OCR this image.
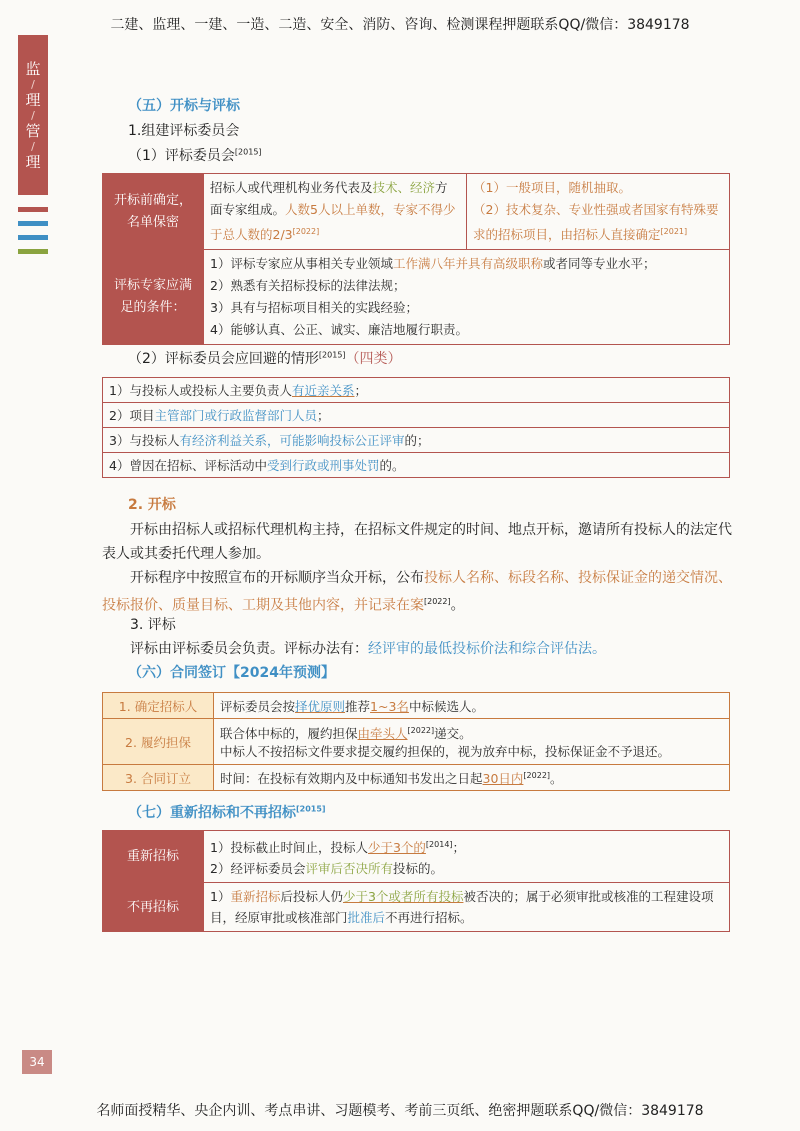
二建、监理、一建、一造、二造、安全、消防、咨询、检测课程押题联系QQ/微信：3849178
监
/
理
/
管
/
理
（五）开标与评标
1.组建评标委员会
（1）评标委员会[2015]
开标前确定，名单保密	招标人或代理机构业务代表及技术、经济方面专家组成。人数5人以上单数，专家不得少于总人数的2/3[2022]	（1）一般项目，随机抽取。
（2）技术复杂、专业性强或者国家有特殊要求的招标项目，由招标人直接确定[2021]

评标专家应满足的条件：	1）评标专家应从事相关专业领域工作满八年并具有高级职称或者同等专业水平；
2）熟悉有关招标投标的法律法规；
3）具有与招标项目相关的实践经验；
4）能够认真、公正、诚实、廉洁地履行职责。	
（2）评标委员会应回避的情形[2015]（四类）
1）与投标人或投标人主要负责人有近亲关系；
2）项目主管部门或行政监督部门人员；
3）与投标人有经济利益关系，可能影响投标公正评审的；
4）曾因在招标、评标活动中受到行政或刑事处罚的。
2. 开标
开标由招标人或招标代理机构主持，在招标文件规定的时间、地点开标，邀请所有投标人的法定代表人或其委托代理人参加。
开标程序中按照宣布的开标顺序当众开标，公布投标人名称、标段名称、投标保证金的递交情况、投标报价、质量目标、工期及其他内容，并记录在案[2022]。
3. 评标
评标由评标委员会负责。评标办法有：经评审的最低投标价法和综合评估法。
（六）合同签订【2024年预测】
1. 确定招标人	评标委员会按择优原则推荐1~3名中标候选人。
2. 履约担保	联合体中标的，履约担保由牵头人[2022]递交。
中标人不按招标文件要求提交履约担保的，视为放弃中标，投标保证金不予退还。

3. 合同订立	时间：在投标有效期内及中标通知书发出之日起30日内[2022]。
（七）重新招标和不再招标[2015]
重新招标	1）投标截止时间止，投标人少于3个的[2014]；
2）经评标委员会评审后否决所有投标的。

不再招标	1）重新招标后投标人仍少于3个或者所有投标被否决的；属于必须审批或核准的工程建设项目，经原审批或核准部门批准后不再进行招标。
34
名师面授精华、央企内训、考点串讲、习题模考、考前三页纸、绝密押题联系QQ/微信：3849178
